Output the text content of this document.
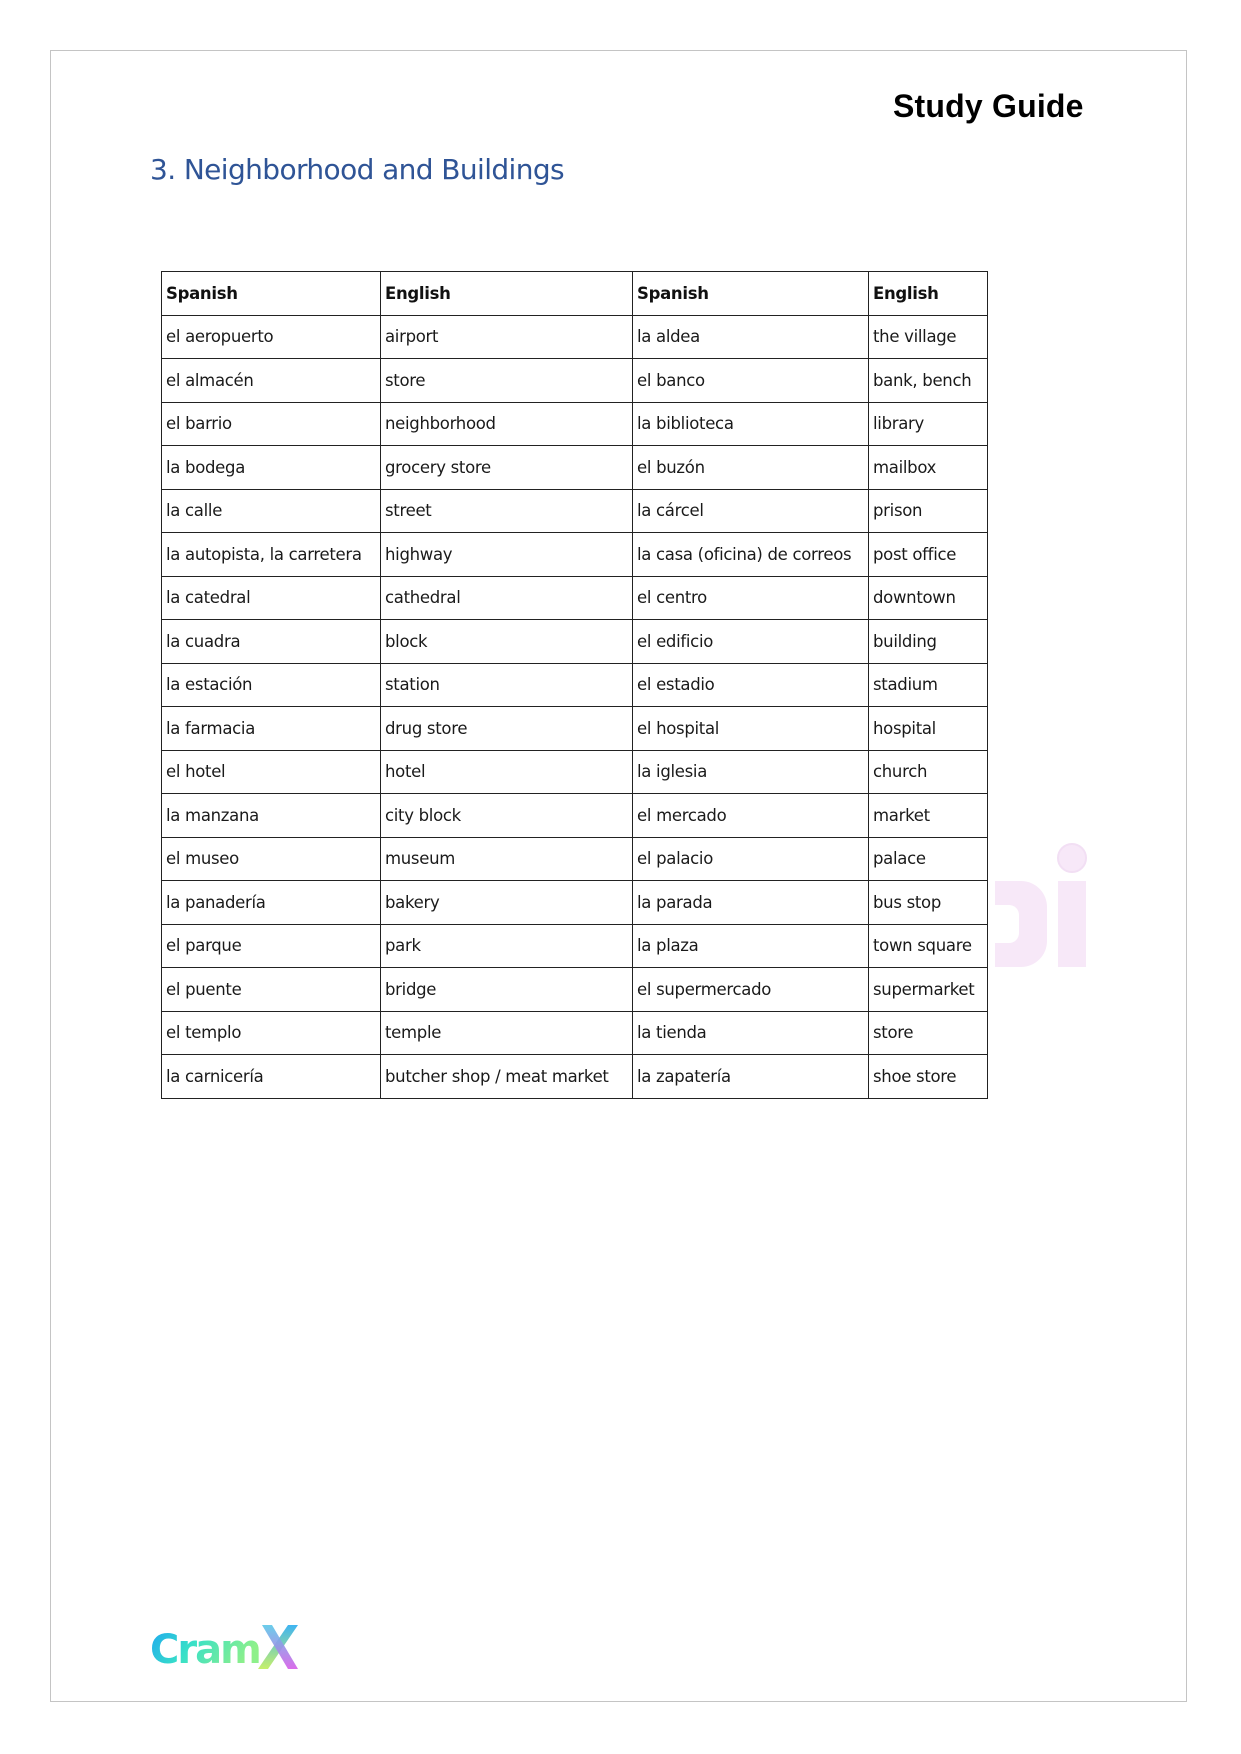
Study Guide
3. Neighborhood and Buildings
Spanish	English	Spanish	English
el aeropuerto	airport	la aldea	the village
el almacén	store	el banco	bank, bench
el barrio	neighborhood	la biblioteca	library
la bodega	grocery store	el buzón	mailbox
la calle	street	la cárcel	prison
la autopista, la carretera	highway	la casa (oficina) de correos	post office
la catedral	cathedral	el centro	downtown
la cuadra	block	el edificio	building
la estación	station	el estadio	stadium
la farmacia	drug store	el hospital	hospital
el hotel	hotel	la iglesia	church
la manzana	city block	el mercado	market
el museo	museum	el palacio	palace
la panadería	bakery	la parada	bus stop
el parque	park	la plaza	town square
el puente	bridge	el supermercado	supermarket
el templo	temple	la tienda	store
la carnicería	butcher shop / meat market	la zapatería	shoe store
Cram
